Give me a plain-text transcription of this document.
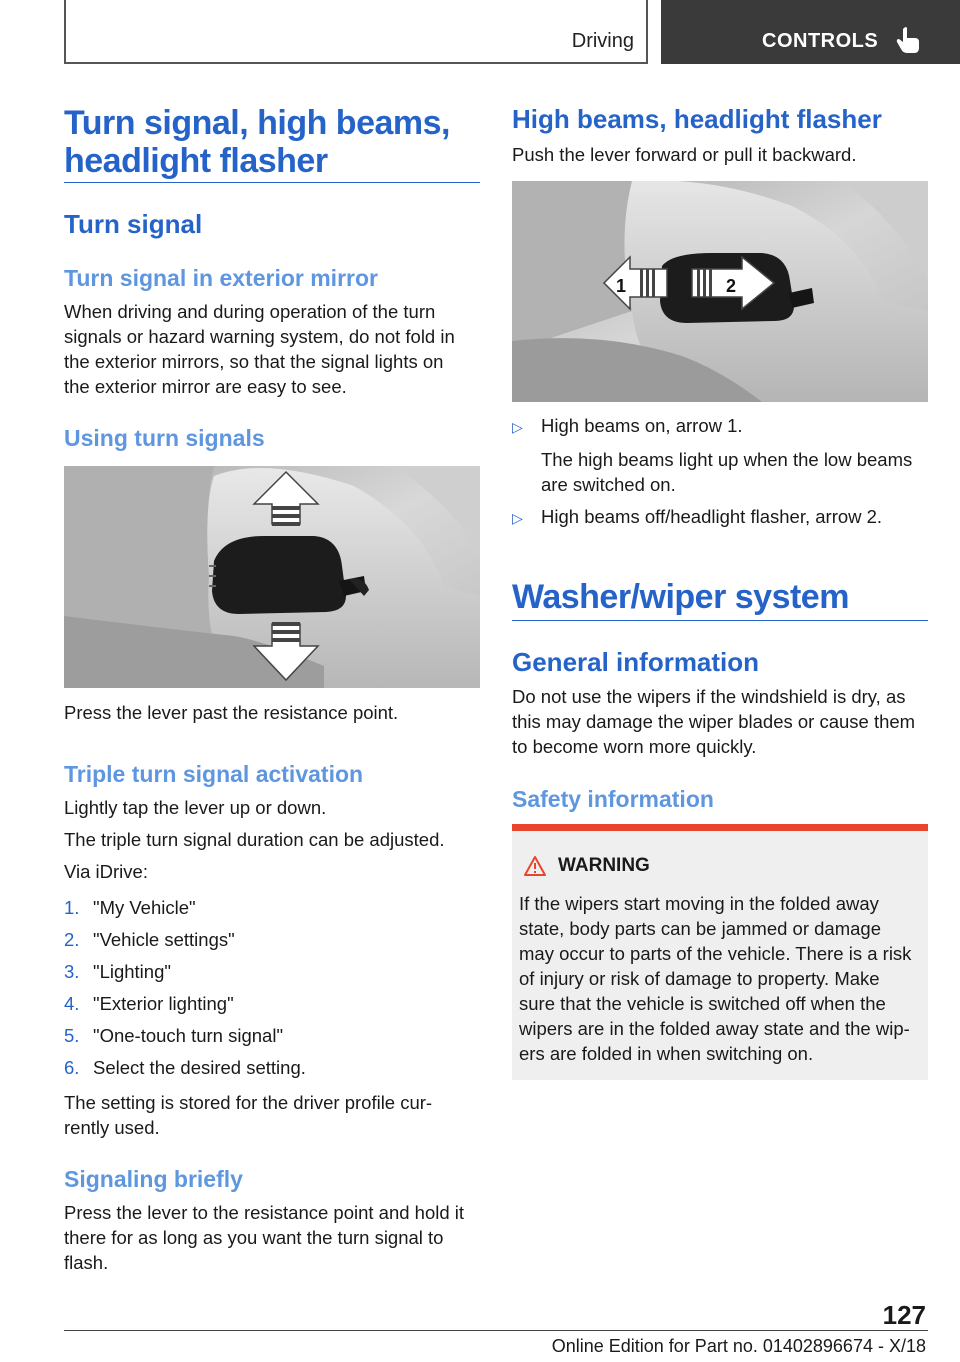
Driving	CONTROLS
Turn signal, high beams,
headlight flasher
Turn signal
Turn signal in exterior mirror
When driving and during operation of the turn
signals or hazard warning system, do not fold in
the exterior mirrors, so that the signal lights on
the exterior mirror are easy to see.
Using turn signals
Press the lever past the resistance point.
Triple turn signal activation
Lightly tap the lever up or down.
The triple turn signal duration can be adjusted.
Via iDrive:
1. "My Vehicle"
2. "Vehicle settings"
3. "Lighting"
4. "Exterior lighting"
5. "One-touch turn signal"
6. Select the desired setting.
The setting is stored for the driver profile cur-
rently used.
Signaling briefly
Press the lever to the resistance point and hold it
there for as long as you want the turn signal to
flash.
High beams, headlight flasher
Push the lever forward or pull it backward.
1	2
▷ High beams on, arrow 1.
The high beams light up when the low beams
are switched on.
▷ High beams off/headlight flasher, arrow 2.
Washer/wiper system
General information
Do not use the wipers if the windshield is dry, as
this may damage the wiper blades or cause them
to become worn more quickly.
Safety information
WARNING
If the wipers start moving in the folded away
state, body parts can be jammed or damage
may occur to parts of the vehicle. There is a risk
of injury or risk of damage to property. Make
sure that the vehicle is switched off when the
wipers are in the folded away state and the wip-
ers are folded in when switching on.
127
Online Edition for Part no. 01402896674 - X/18
